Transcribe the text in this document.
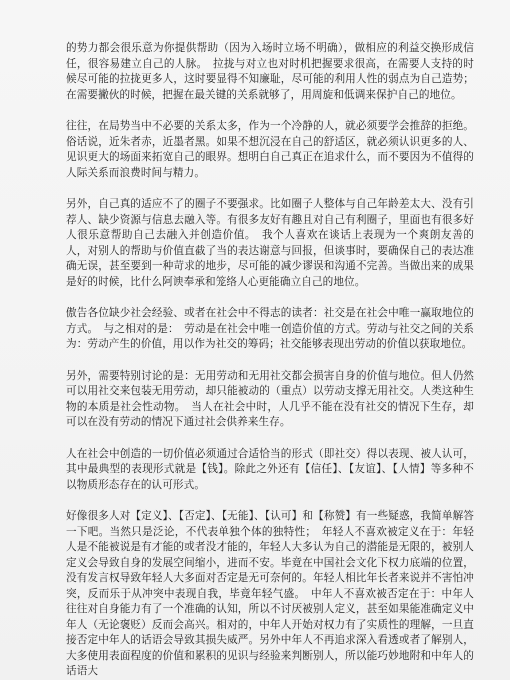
的势力都会很乐意为你提供帮助（因为入场时立场不明确），做相应的利益交换形成信任，很容易建立自己的人脉。　拉拢与对立也对时机把握要求很高，在需要人支持的时候尽可能的拉拢更多人，这时要显得不知廉耻，尽可能的利用人性的弱点为自己造势；在需要撇伙的时候，把握在最关键的关系就够了，用周旋和低调来保护自己的地位。

往往，在局势当中不必要的关系太多，作为一个冷静的人，就必须要学会推辞的拒绝。俗话说，近朱者赤，近墨者黑。如果不想沉浸在自己的舒适区，就必须认识更多的人、见识更大的场面来拓宽自己的眼界。想明白自己真正在追求什么，而不要因为不值得的人际关系而浪费时间与精力。

另外，自己真的适应不了的圈子不要强求。比如圈子人整体与自己年龄差太大、没有引荐人、缺少资源与信息去融入等。有很多友好有趣且对自己有利圈子，里面也有很多好人很乐意帮助自己去融入并创造价值。　我个人喜欢在谈话上表现为一个爽朗友善的人，对别人的帮助与价值直截了当的表达谢意与回报，但谈事时，要确保自己的表达准确无误，甚至要到一种苛求的地步，尽可能的减少谬误和沟通不完善。当做出来的成果是好的时候，比什么阿谀奉承和笼络人心更能确立自己的地位。

傲告各位缺少社会经验、或者在社会中不得志的读者：社交是在社会中唯一赢取地位的方式。　与之相对的是：　劳动是在社会中唯一创造价值的方式。劳动与社交之间的关系为：劳动产生的价值，用以作为社交的筹码；社交能够表现出劳动的价值以获取地位。

另外，需要特别讨论的是：无用劳动和无用社交都会损害自身的价值与地位。但人仍然可以用社交来包装无用劳动，却只能被动的（重点）以劳动支撑无用社交。人类这种生物的本质是社会性动物。　当人在社会中时，人几乎不能在没有社交的情况下生存，却可以在没有劳动的情况下通过社会供养来生存。

人在社会中创造的一切价值必须通过合适恰当的形式（即社交）得以表现、被人认可，其中最典型的表现形式就是【钱】。除此之外还有【信任】、【友谊】、【人情】等多种不以物质形态存在的认可形式。

好像很多人对【定义】、【否定】、【无能】、【认可】和【称赞】有一些疑惑，我简单解答一下吧。当然只是泛论，不代表单独个体的独特性；　年轻人不喜欢被定义在于：年轻人是不能被说是有才能的或者没才能的，年轻人大多认为自己的潜能是无限的，被别人定义会导致自身的发展空间缩小，进而不安。毕竟在中国社会文化下权力底端的位置，没有发言权导致年轻人大多面对否定是无可奈何的。年轻人相比年长者来说并不害怕冲突，反而乐于从冲突中表现自我，毕竟年轻气盛。　中年人不喜欢被否定在于：中年人往往对自身能力有了一个准确的认知，所以不讨厌被别人定义，甚至如果能准确定义中年人（无论褒贬）反而会高兴。相对的，中年人开始对权力有了实质性的理解，一旦直接否定中年人的话语会导致其损失威严。另外中年人不再追求深入看透或者了解别人，大多使用表面程度的价值和累积的见识与经验来判断别人，所以能巧妙地附和中年人的话语大
